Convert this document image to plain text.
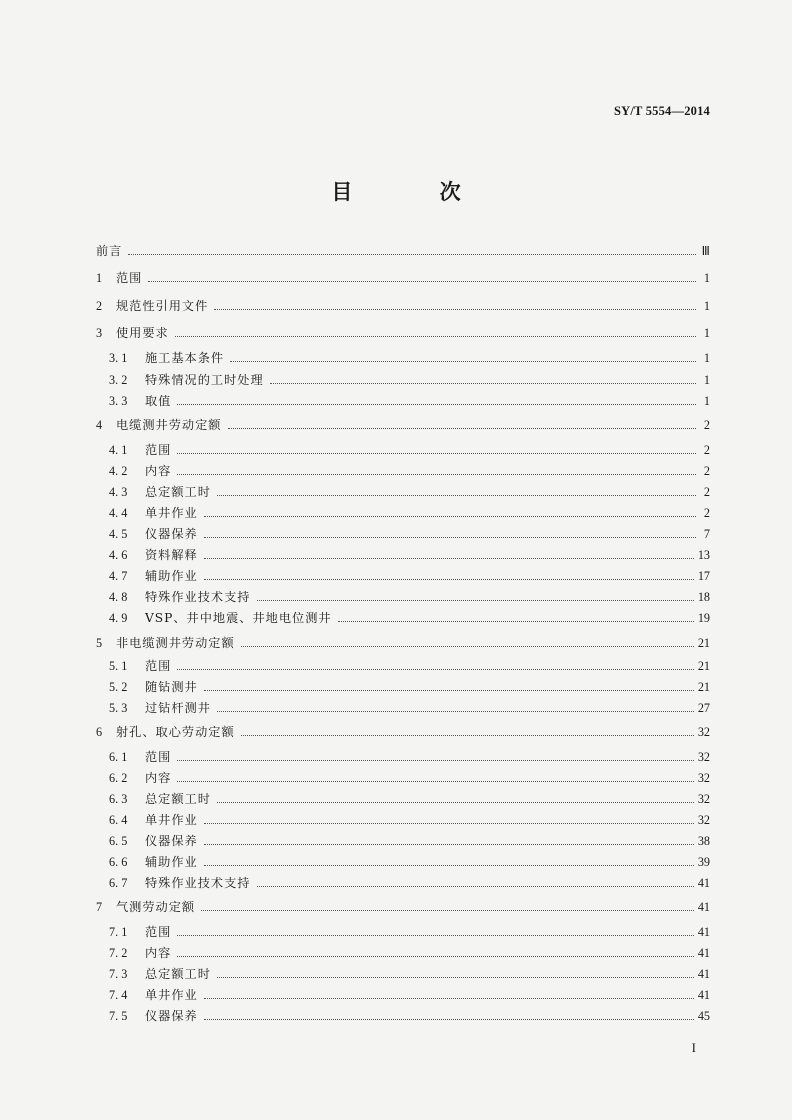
SY/T 5554—2014
目 次
前言	Ⅲ
1	范围	1
2	规范性引用文件	1
3	使用要求	1
3. 1	施工基本条件	1
3. 2	特殊情况的工时处理	1
3. 3	取值	1
4	电缆测井劳动定额	2
4. 1	范围	2
4. 2	内容	2
4. 3	总定额工时	2
4. 4	单井作业	2
4. 5	仪器保养	7
4. 6	资料解释	13
4. 7	辅助作业	17
4. 8	特殊作业技术支持	18
4. 9	VSP、井中地震、井地电位测井	19
5	非电缆测井劳动定额	21
5. 1	范围	21
5. 2	随钻测井	21
5. 3	过钻杆测井	27
6	射孔、取心劳动定额	32
6. 1	范围	32
6. 2	内容	32
6. 3	总定额工时	32
6. 4	单井作业	32
6. 5	仪器保养	38
6. 6	辅助作业	39
6. 7	特殊作业技术支持	41
7	气测劳动定额	41
7. 1	范围	41
7. 2	内容	41
7. 3	总定额工时	41
7. 4	单井作业	41
7. 5	仪器保养	45
I
